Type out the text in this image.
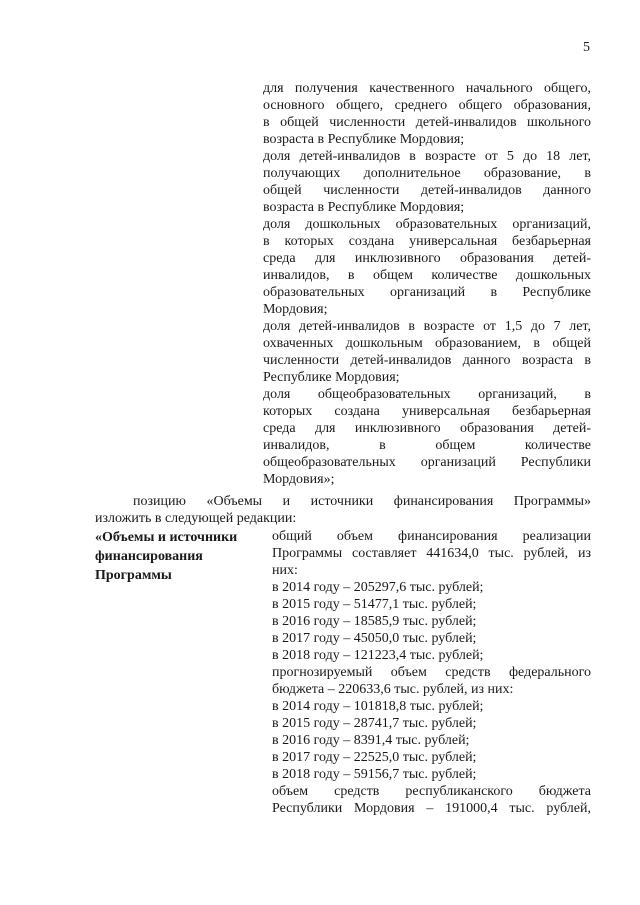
5
для получения качественного начального общего,
основного общего, среднего общего образования,
в общей численности детей-инвалидов школьного
возраста в Республике Мордовия;
доля детей-инвалидов в возрасте от 5 до 18 лет,
получающих дополнительное образование, в
общей численности детей-инвалидов данного
возраста в Республике Мордовия;
доля дошкольных образовательных организаций,
в которых создана универсальная безбарьерная
среда для инклюзивного образования детей-
инвалидов, в общем количестве дошкольных
образовательных организаций в Республике
Мордовия;
доля детей-инвалидов в возрасте от 1,5 до 7 лет,
охваченных дошкольным образованием, в общей
численности детей-инвалидов данного возраста в
Республике Мордовия;
доля общеобразовательных организаций, в
которых создана универсальная безбарьерная
среда для инклюзивного образования детей-
инвалидов, в общем количестве
общеобразовательных организаций Республики
Мордовия»;
позицию «Объемы и источники финансирования Программы»
изложить в следующей редакции:
«Объемы и источники
финансирования
Программы
общий объем финансирования реализации
Программы составляет 441634,0 тыс. рублей, из
них:
в 2014 году – 205297,6 тыс. рублей;
в 2015 году – 51477,1 тыс. рублей;
в 2016 году – 18585,9 тыс. рублей;
в 2017 году – 45050,0 тыс. рублей;
в 2018 году – 121223,4 тыс. рублей;
прогнозируемый объем средств федерального
бюджета – 220633,6 тыс. рублей, из них:
в 2014 году – 101818,8 тыс. рублей;
в 2015 году – 28741,7 тыс. рублей;
в 2016 году – 8391,4 тыс. рублей;
в 2017 году – 22525,0 тыс. рублей;
в 2018 году – 59156,7 тыс. рублей;
объем средств республиканского бюджета
Республики Мордовия – 191000,4 тыс. рублей,
